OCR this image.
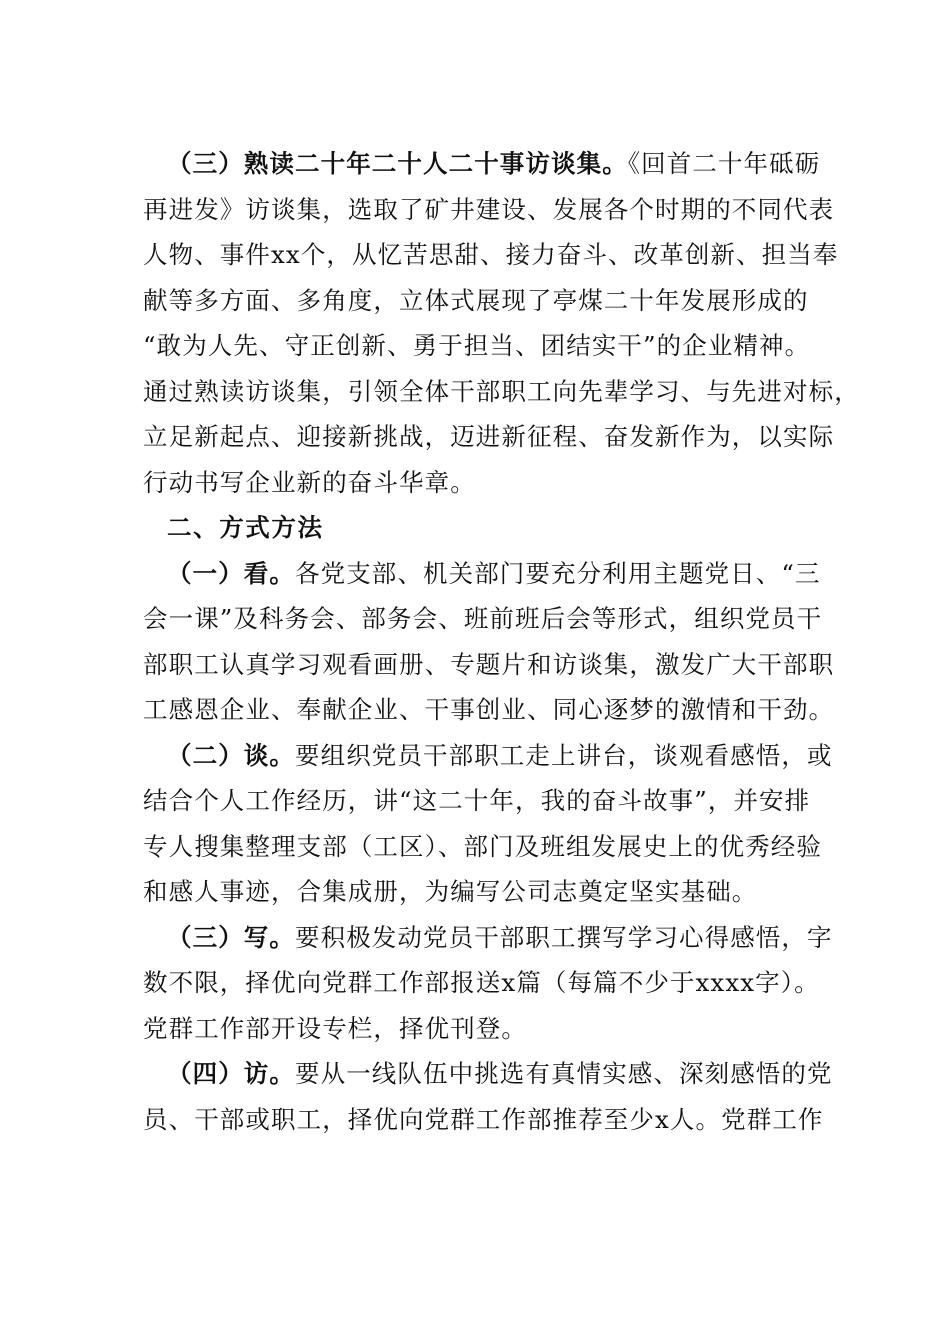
（三）熟读二十年二十人二十事访谈集。《回首二十年砥砺
再进发》访谈集，选取了矿井建设、发展各个时期的不同代表
人物、事件xx个，从忆苦思甜、接力奋斗、改革创新、担当奉
献等多方面、多角度，立体式展现了亭煤二十年发展形成的
“敢为人先、守正创新、勇于担当、团结实干”的企业精神。
通过熟读访谈集，引领全体干部职工向先辈学习、与先进对标，
立足新起点、迎接新挑战，迈进新征程、奋发新作为，以实际
行动书写企业新的奋斗华章。
二、方式方法
（一）看。各党支部、机关部门要充分利用主题党日、“三
会一课”及科务会、部务会、班前班后会等形式，组织党员干
部职工认真学习观看画册、专题片和访谈集，激发广大干部职
工感恩企业、奉献企业、干事创业、同心逐梦的激情和干劲。
（二）谈。要组织党员干部职工走上讲台，谈观看感悟，或
结合个人工作经历，讲“这二十年，我的奋斗故事”，并安排
专人搜集整理支部（工区）、部门及班组发展史上的优秀经验
和感人事迹，合集成册，为编写公司志奠定坚实基础。
（三）写。要积极发动党员干部职工撰写学习心得感悟，字
数不限，择优向党群工作部报送x篇（每篇不少于xxxx字）。
党群工作部开设专栏，择优刊登。
（四）访。要从一线队伍中挑选有真情实感、深刻感悟的党
员、干部或职工，择优向党群工作部推荐至少x人。党群工作
